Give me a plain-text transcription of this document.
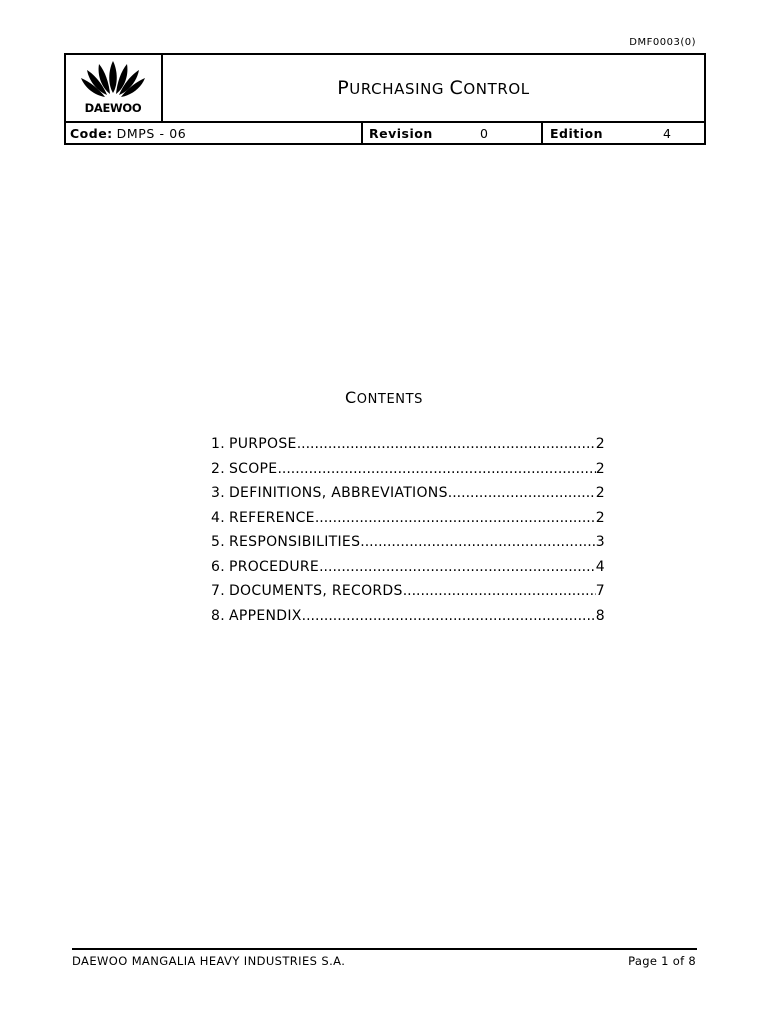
DMF0003(0)
DAEWOO
PURCHASING CONTROL
Code: DMPS - 06	Revision	0	Edition	4
CONTENTS
1. PURPOSE .....	2
2. SCOPE .....	2
3. DEFINITIONS, ABBREVIATIONS .....	2
4. REFERENCE .....	2
5. RESPONSIBILITIES .....	3
6. PROCEDURE .....	4
7. DOCUMENTS, RECORDS .....	7
8. APPENDIX .....	8
DAEWOO MANGALIA HEAVY INDUSTRIES S.A.	Page 1 of 8
